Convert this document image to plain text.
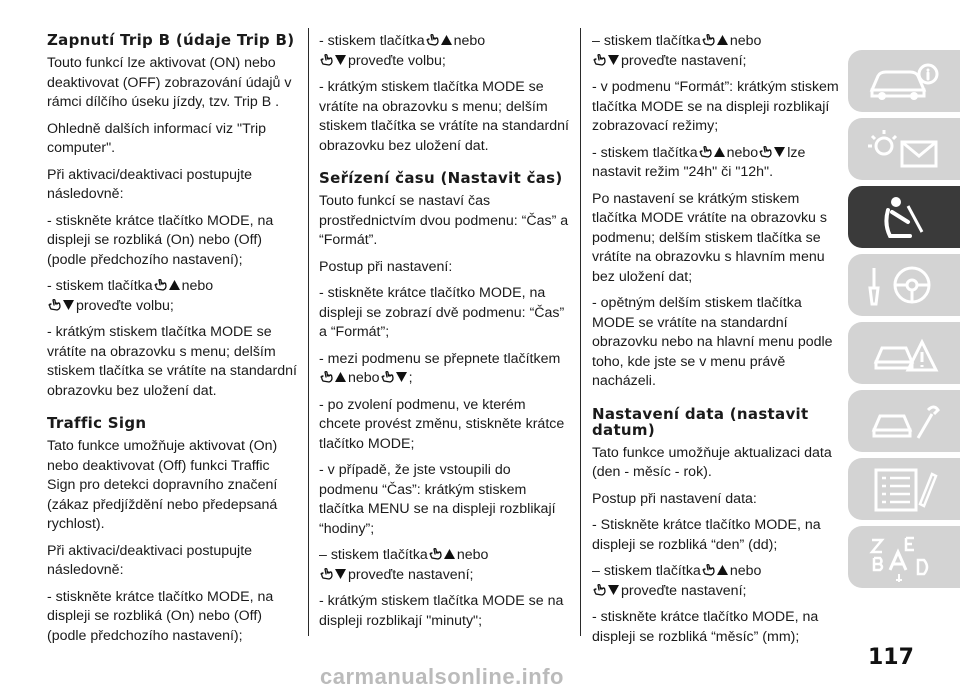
Zapnutí Trip B (údaje Trip B)

Touto funkcí lze aktivovat (ON) nebo deaktivovat (OFF) zobrazování údajů v rámci dílčího úseku jízdy, tzv. Trip B .

Ohledně dalších informací viz "Trip computer".

Při aktivaci/deaktivaci postupujte následovně:

- stiskněte krátce tlačítko MODE, na displeji se rozbliká (On) nebo (Off) (podle předchozího nastavení);

- stiskem tlačítka nebo
proveďte volbu;

- krátkým stiskem tlačítka MODE se vrátíte na obrazovku s menu; delším stiskem tlačítka se vrátíte na standardní obrazovku bez uložení dat.

Traffic Sign

Tato funkce umožňuje aktivovat (On) nebo deaktivovat (Off) funkci Traffic Sign pro detekci dopravního značení (zákaz předjíždění nebo předepsaná rychlost).

Při aktivaci/deaktivaci postupujte následovně:

- stiskněte krátce tlačítko MODE, na displeji se rozbliká (On) nebo (Off) (podle předchozího nastavení);

- stiskem tlačítka nebo
proveďte volbu;

- krátkým stiskem tlačítka MODE se vrátíte na obrazovku s menu; delším stiskem tlačítka se vrátíte na standardní obrazovku bez uložení dat.

Seřízení času (Nastavit čas)

Touto funkcí se nastaví čas prostřednictvím dvou podmenu: “Čas” a “Formát”.

Postup při nastavení:

- stiskněte krátce tlačítko MODE, na displeji se zobrazí dvě podmenu: “Čas” a “Formát”;

- mezi podmenu se přepnete tlačítkem
nebo ;

- po zvolení podmenu, ve kterém chcete provést změnu, stiskněte krátce tlačítko MODE;

- v případě, že jste vstoupili do podmenu “Čas”: krátkým stiskem tlačítka MENU se na displeji rozblikají “hodiny”;

– stiskem tlačítka nebo
proveďte nastavení;

- krátkým stiskem tlačítka MODE se na displeji rozblikají "minuty";

– stiskem tlačítka nebo
proveďte nastavení;

- v podmenu “Formát”: krátkým stiskem tlačítka MODE se na displeji rozblikají zobrazovací režimy;

- stiskem tlačítka nebo lze nastavit režim "24h" či "12h".

Po nastavení se krátkým stiskem tlačítka MODE vrátíte na obrazovku s podmenu; delším stiskem tlačítka se vrátíte na obrazovku s hlavním menu bez uložení dat;

- opětným delším stiskem tlačítka MODE se vrátíte na standardní obrazovku nebo na hlavní menu podle toho, kde jste se v menu právě nacházeli.

Nastavení data (nastavit datum)

Tato funkce umožňuje aktualizaci data (den - měsíc - rok).

Postup při nastavení data:

- Stiskněte krátce tlačítko MODE, na displeji se rozbliká “den” (dd);

– stiskem tlačítka nebo
proveďte nastavení;

- stiskněte krátce tlačítko MODE, na displeji se rozbliká “měsíc” (mm);

117
carmanualsonline.info
